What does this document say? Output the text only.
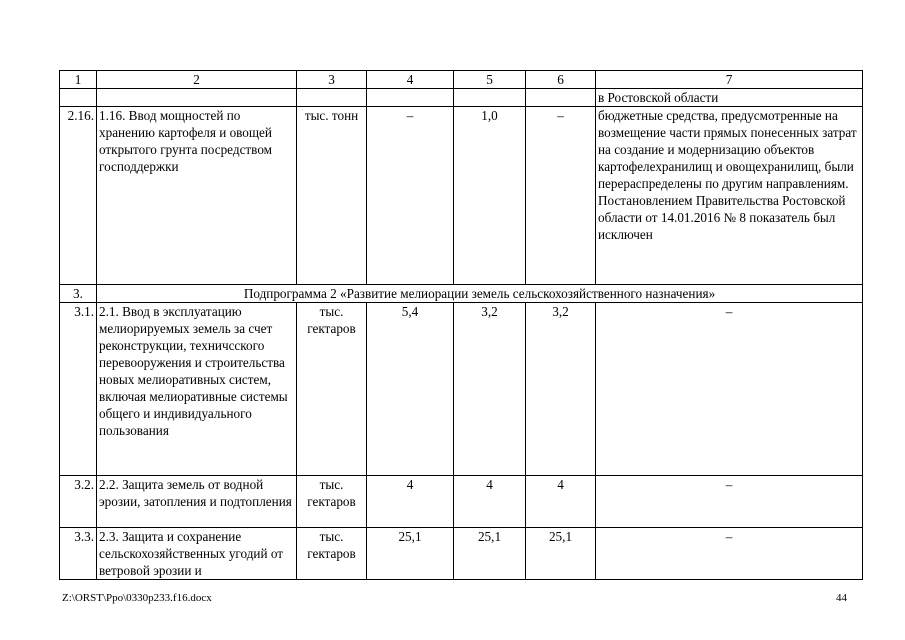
1	2	3	4	5	6	7
						в Ростовской области
2.16.	1.16. Ввод мощностей по хранению картофеля и овощей открытого грунта посредством господдержки	тыс. тонн	–	1,0	–	бюджетные средства, предусмотренные на возмещение части прямых понесенных затрат на создание и модернизацию объектов картофелехранилищ и овощехранилищ, были перераспределены по другим направлениям. Постановлением Правительства Ростовской области от 14.01.2016 № 8 показатель был исключен
3.	Подпрограмма 2 «Развитие мелиорации земель сельскохозяйственного назначения»					
3.1.	2.1. Ввод в эксплуатацию мелиорируемых земель за счет реконструкции, техничсского перевооружения и строительства новых мелиоративных систем, включая мелиоративные системы общего и индивидуального пользования	тыс. гектаров	5,4	3,2	3,2	–
3.2.	2.2. Защита земель от водной эрозии, затопления и подтопления	тыс. гектаров	4	4	4	–
3.3.	2.3. Защита и сохранение сельскохозяйственных угодий от ветровой эрозии и	тыс. гектаров	25,1	25,1	25,1	–
Z:\ORST\Ppo\0330p233.f16.docx	44
